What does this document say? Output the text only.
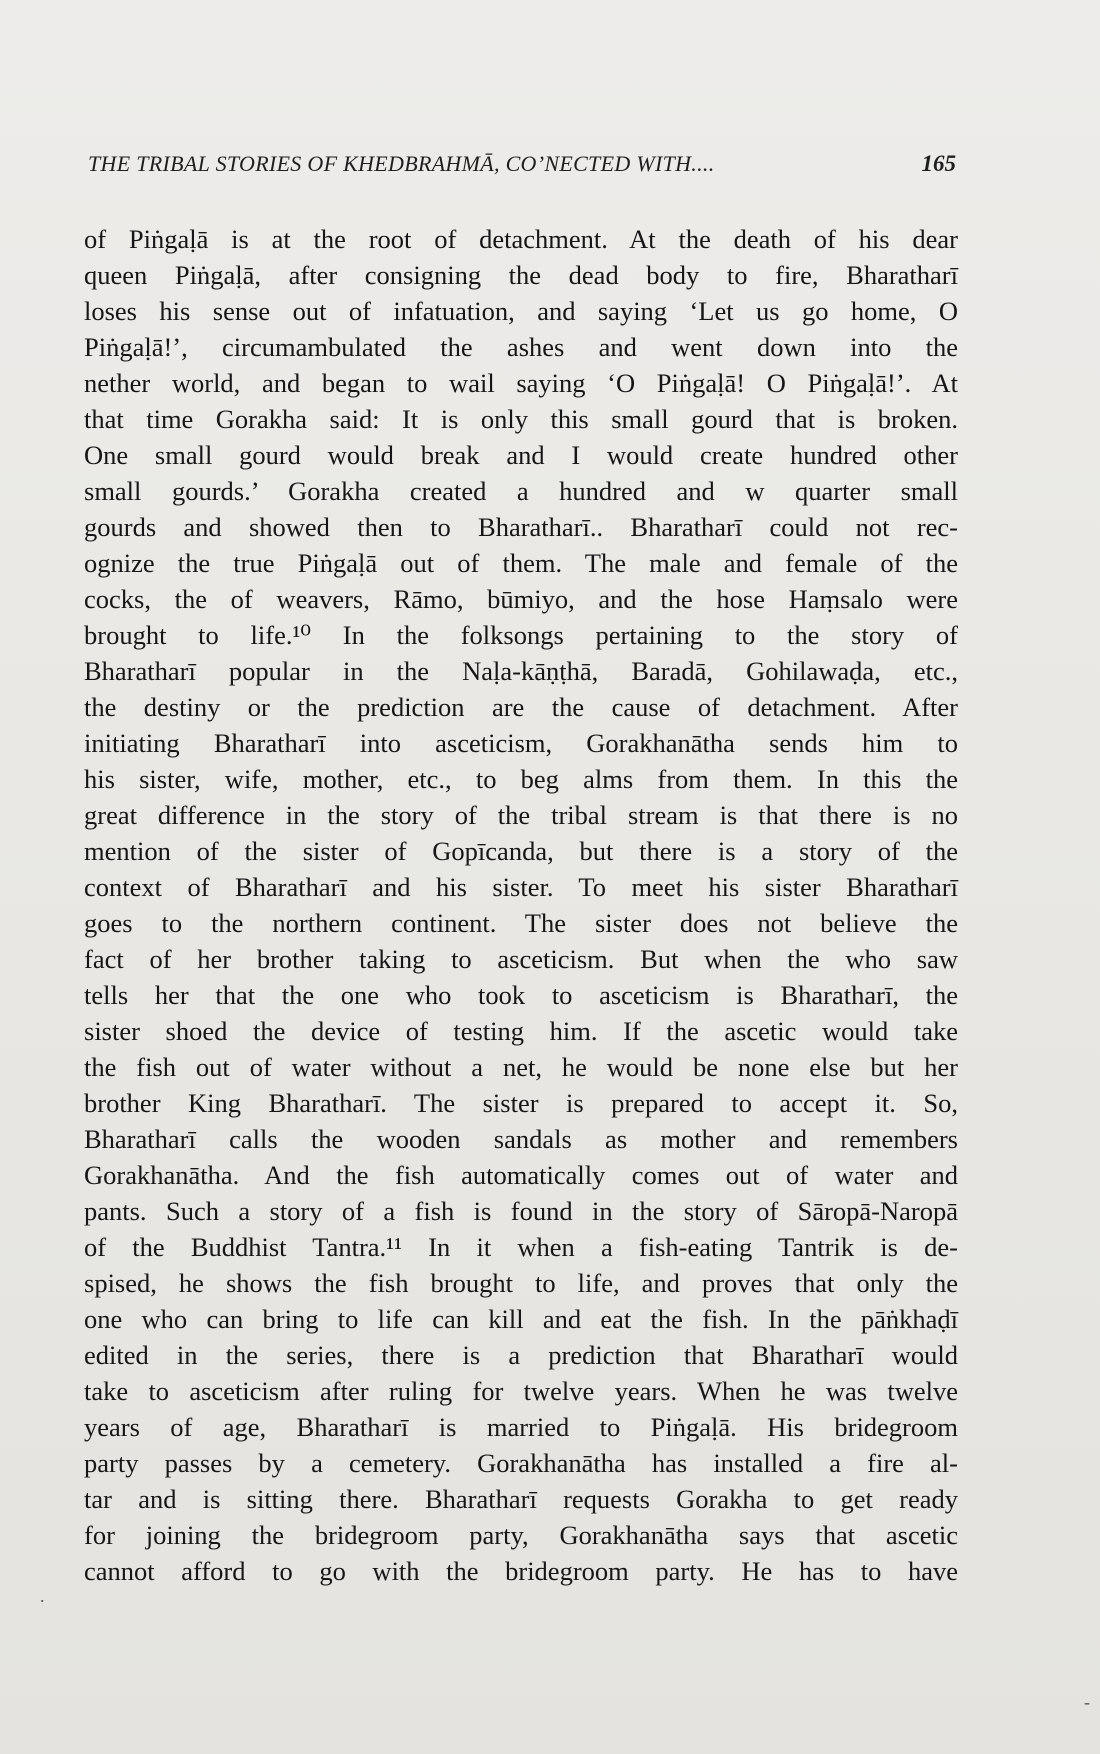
THE TRIBAL STORIES OF KHEDBRAHMĀ, CO’NECTED WITH....	165
of Piṅgaḷā is at the root of detachment. At the death of his dear
queen Piṅgaḷā, after consigning the dead body to fire, Bharatharī
loses his sense out of infatuation, and saying ‘Let us go home, O
Piṅgaḷā!’, circumambulated the ashes and went down into the
nether world, and began to wail saying ‘O Piṅgaḷā! O Piṅgaḷā!’. At
that time Gorakha said: It is only this small gourd that is broken.
One small gourd would break and I would create hundred other
small gourds.’ Gorakha created a hundred and w quarter small
gourds and showed then to Bharatharī.. Bharatharī could not rec-
ognize the true Piṅgaḷā out of them. The male and female of the
cocks, the of weavers, Rāmo, būmiyo, and the hose Haṃsalo were
brought to life.¹⁰ In the folksongs pertaining to the story of
Bharatharī popular in the Naḷa-kāṇṭhā, Baradā, Gohilawaḍa, etc.,
the destiny or the prediction are the cause of detachment. After
initiating Bharatharī into asceticism, Gorakhanātha sends him to
his sister, wife, mother, etc., to beg alms from them. In this the
great difference in the story of the tribal stream is that there is no
mention of the sister of Gopīcanda, but there is a story of the
context of Bharatharī and his sister. To meet his sister Bharatharī
goes to the northern continent. The sister does not believe the
fact of her brother taking to asceticism. But when the who saw
tells her that the one who took to asceticism is Bharatharī, the
sister shoed the device of testing him. If the ascetic would take
the fish out of water without a net, he would be none else but her
brother King Bharatharī. The sister is prepared to accept it. So,
Bharatharī calls the wooden sandals as mother and remembers
Gorakhanātha. And the fish automatically comes out of water and
pants. Such a story of a fish is found in the story of Sāropā-Naropā
of the Buddhist Tantra.¹¹ In it when a fish-eating Tantrik is de-
spised, he shows the fish brought to life, and proves that only the
one who can bring to life can kill and eat the fish. In the pāṅkhaḍī
edited in the series, there is a prediction that Bharatharī would
take to asceticism after ruling for twelve years. When he was twelve
years of age, Bharatharī is married to Piṅgaḷā. His bridegroom
party passes by a cemetery. Gorakhanātha has installed a fire al-
tar and is sitting there. Bharatharī requests Gorakha to get ready
for joining the bridegroom party, Gorakhanātha says that ascetic
cannot afford to go with the bridegroom party. He has to have
.
-
